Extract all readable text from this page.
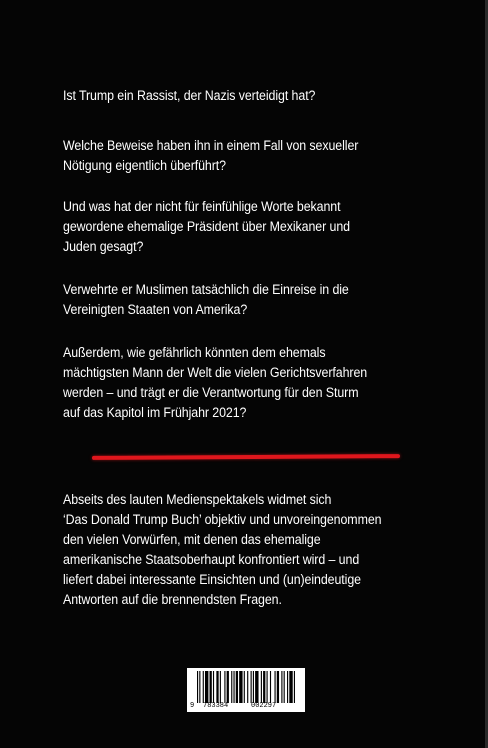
Ist Trump ein Rassist, der Nazis verteidigt hat?

Welche Beweise haben ihn in einem Fall von sexueller
Nötigung eigentlich überführt?

Und was hat der nicht für feinfühlige Worte bekannt
gewordene ehemalige Präsident über Mexikaner und
Juden gesagt?

Verwehrte er Muslimen tatsächlich die Einreise in die
Vereinigten Staaten von Amerika?

Außerdem, wie gefährlich könnten dem ehemals
mächtigsten Mann der Welt die vielen Gerichtsverfahren
werden – und trägt er die Verantwortung für den Sturm
auf das Kapitol im Frühjahr 2021?

Abseits des lauten Medienspektakels widmet sich
‘Das Donald Trump Buch’ objektiv und unvoreingenommen
den vielen Vorwürfen, mit denen das ehemalige
amerikanische Staatsoberhaupt konfrontiert wird – und
liefert dabei interessante Einsichten und (un)eindeutige
Antworten auf die brennendsten Fragen.

9 783384	002297
